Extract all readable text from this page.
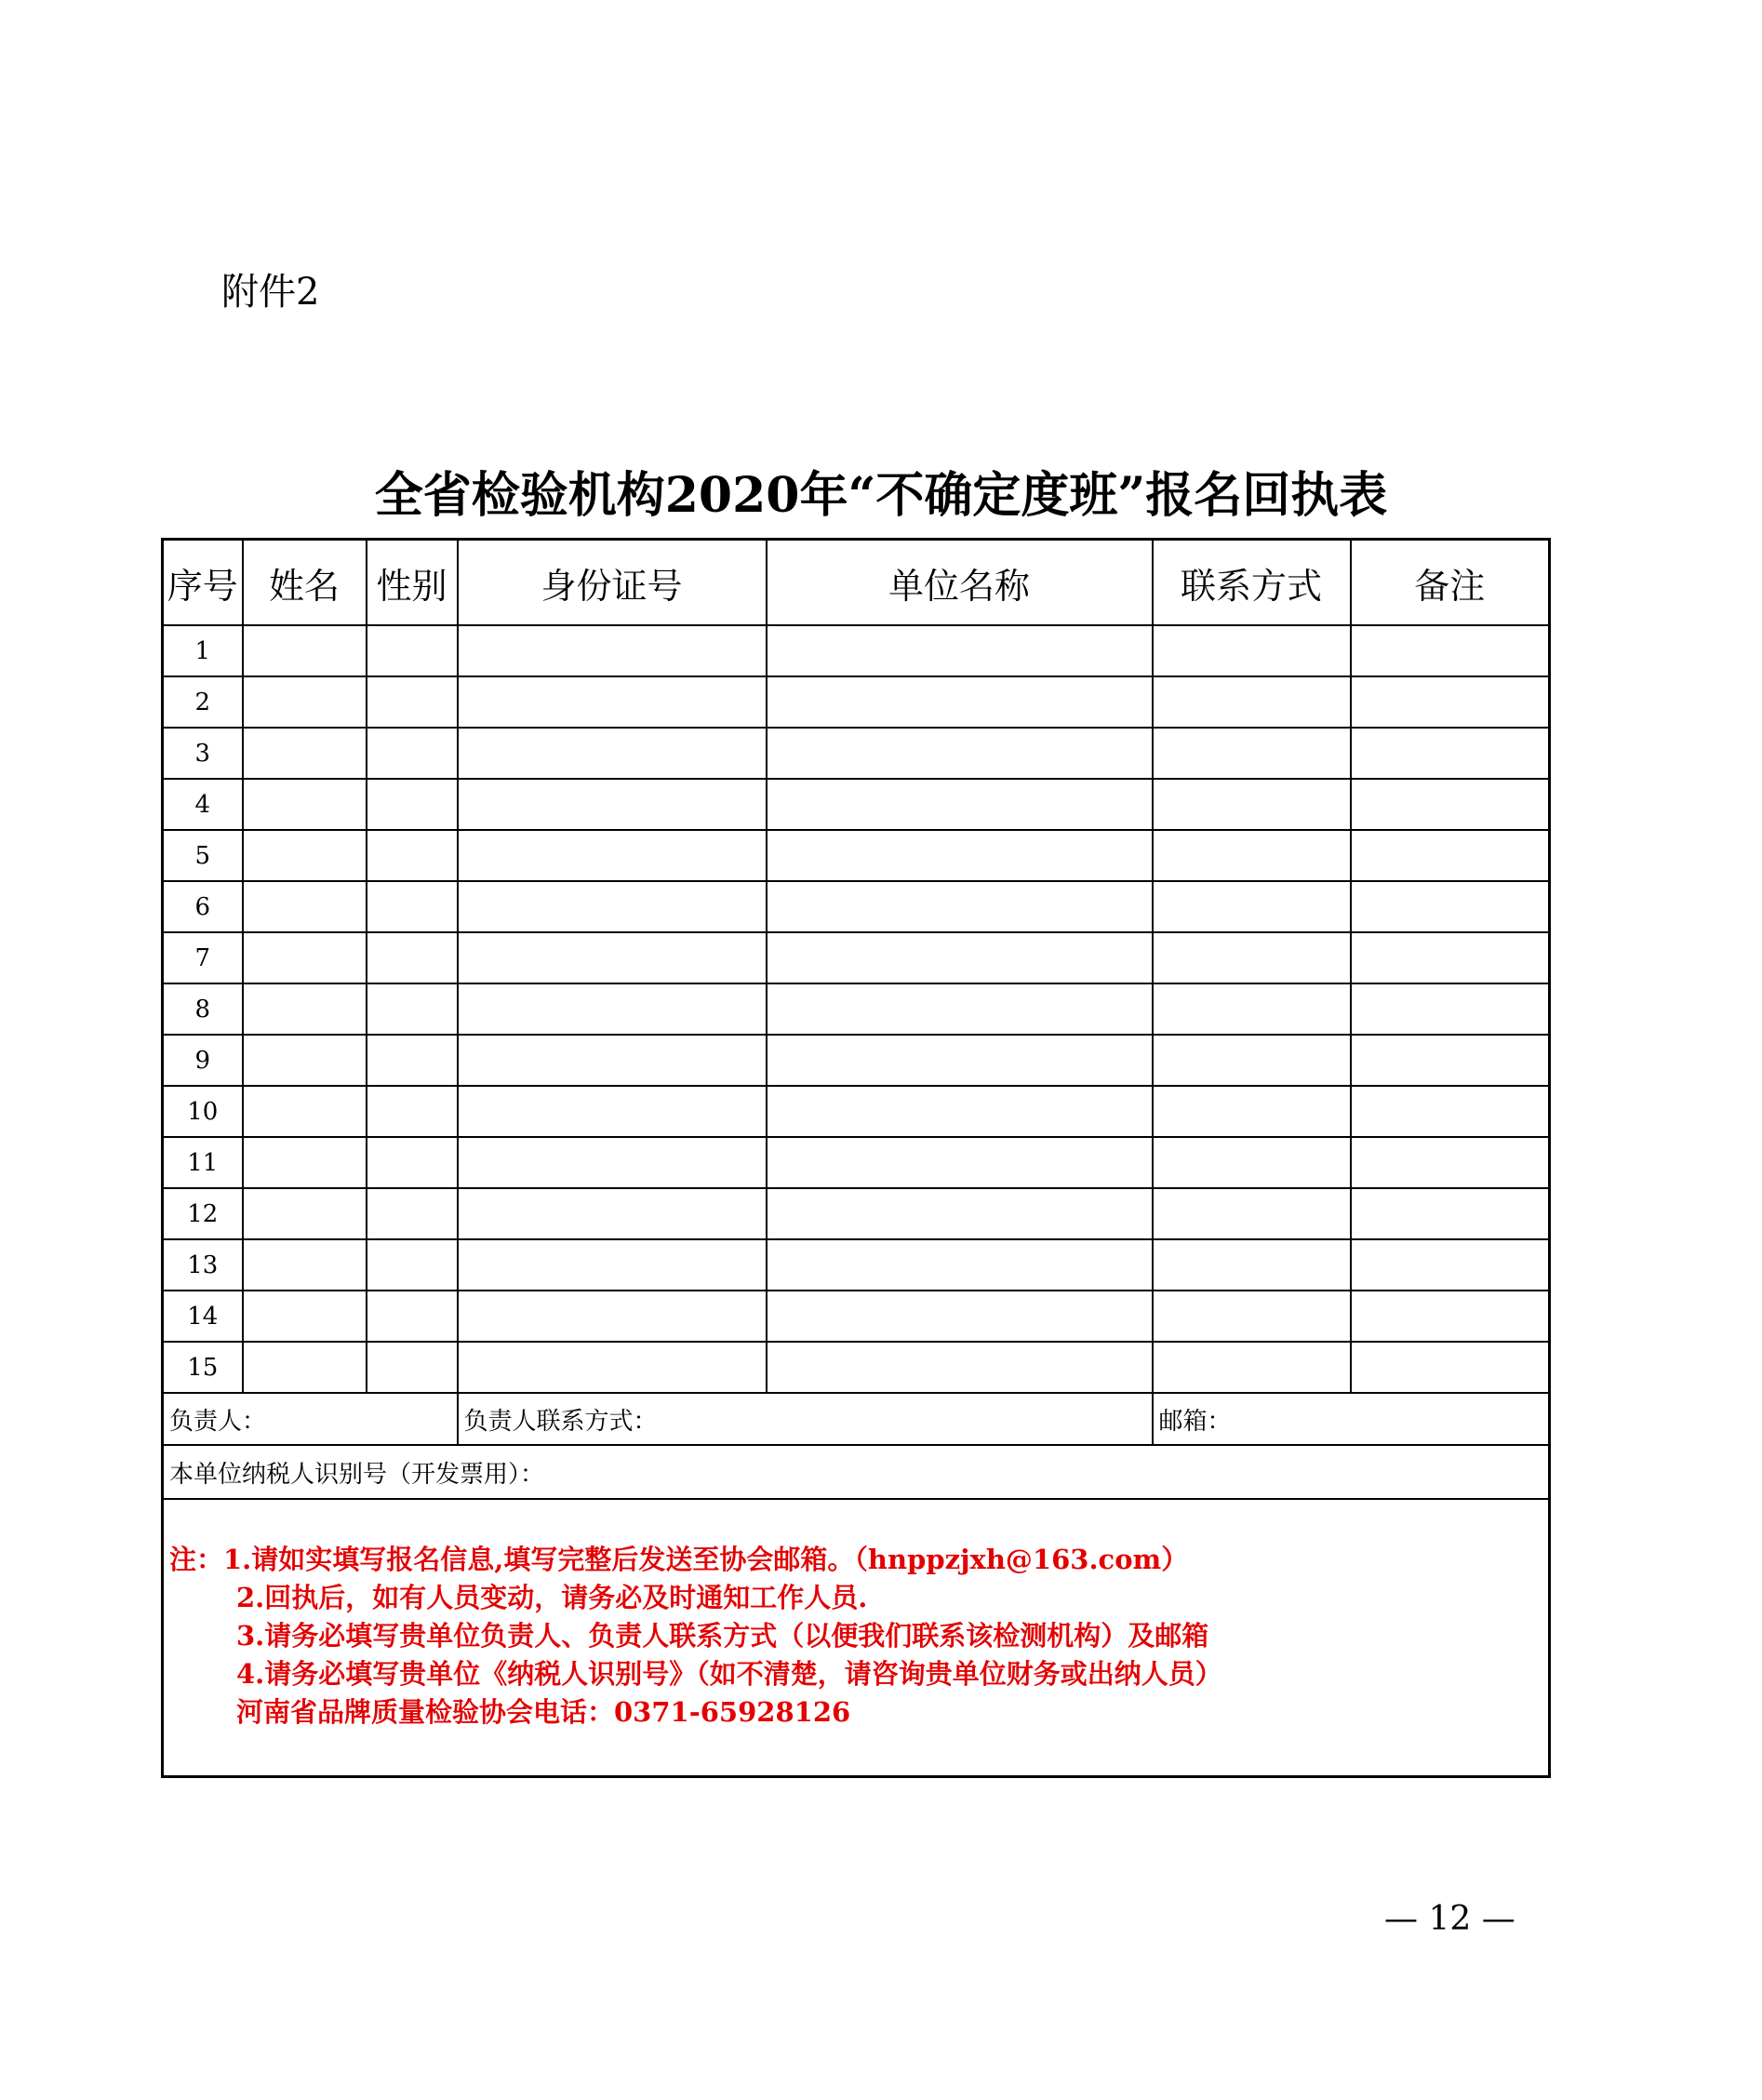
附件2
全省检验机构2020年“不确定度班”报名回执表
序号	姓名	性别	身份证号	单位名称	联系方式	备注
1						
2						
3						
4						
5						
6						
7						
8						
9						
10						
11						
12						
13						
14						
15						
负责人：			负责人联系方式：		邮箱：	
本单位纳税人识别号（开发票用）：						

注：1.请如实填写报名信息,填写完整后发送至协会邮箱。（hnppzjxh@163.com）
2.回执后，如有人员变动，请务必及时通知工作人员.
3.请务必填写贵单位负责人、负责人联系方式（以便我们联系该检测机构）及邮箱
4.请务必填写贵单位《纳税人识别号》（如不清楚，请咨询贵单位财务或出纳人员）
河南省品牌质量检验协会电话：0371-65928126						
— 12 —
